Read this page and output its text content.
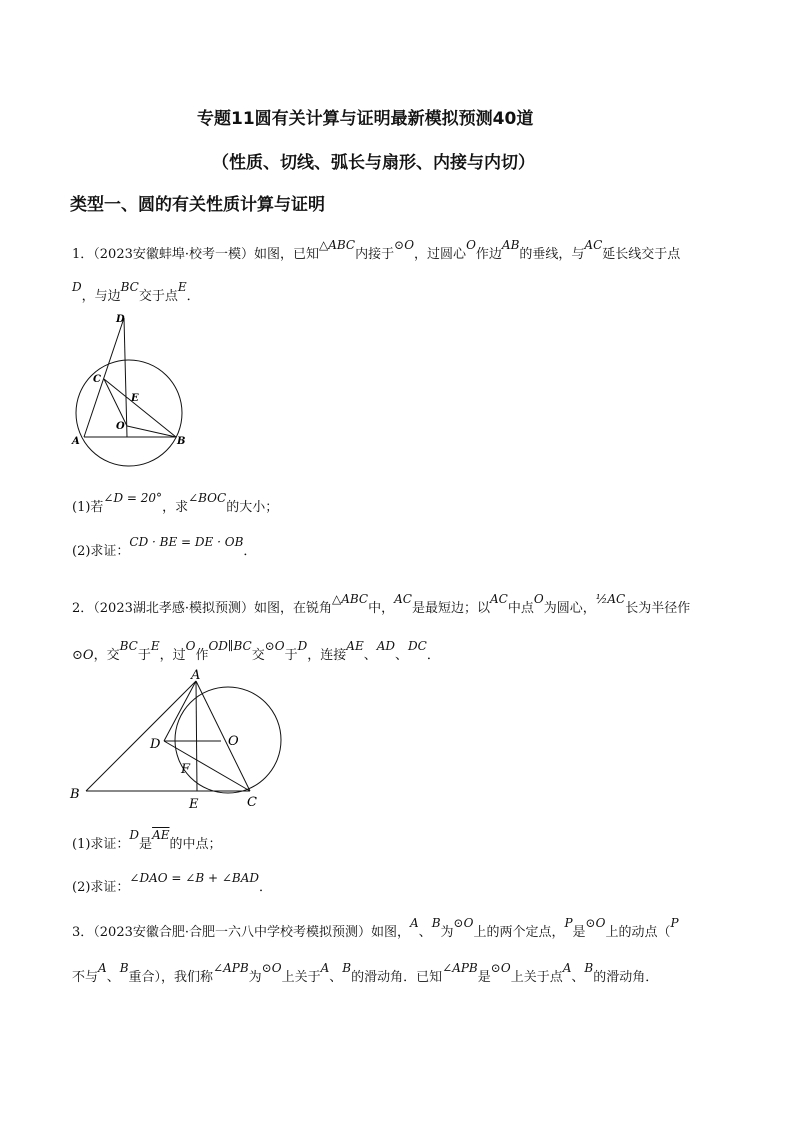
专题11圆有关计算与证明最新模拟预测40道
（性质、切线、弧长与扇形、内接与内切）
类型一、圆的有关性质计算与证明
1．（2023安徽蚌埠·校考一模）如图，已知△ABC内接于⊙O，过圆心O作边AB的垂线，与AC延长线交于点
D，与边BC交于点E．
D
C
E
O
A	B
(1)若∠D = 20°，求∠BOC的大小；
(2)求证：CD · BE = DE · OB．
2．（2023湖北孝感·模拟预测）如图，在锐角△ABC中，AC是最短边；以AC中点O为圆心，½AC长为半径作
⊙O，交BC于E，过O作OD∥BC交⊙O于D，连接AE、AD、DC．
A
D	O
F
B
E	C
(1)求证：D是$\overline{AE}$的中点；
(2)求证：∠DAO = ∠B + ∠BAD．
3．（2023安徽合肥·合肥一六八中学校考模拟预测）如图，A、B为⊙O上的两个定点，P是⊙O上的动点（P
不与A、B重合），我们称∠APB为⊙O上关于A、B的滑动角．已知∠APB是⊙O上关于点A、B的滑动角．
